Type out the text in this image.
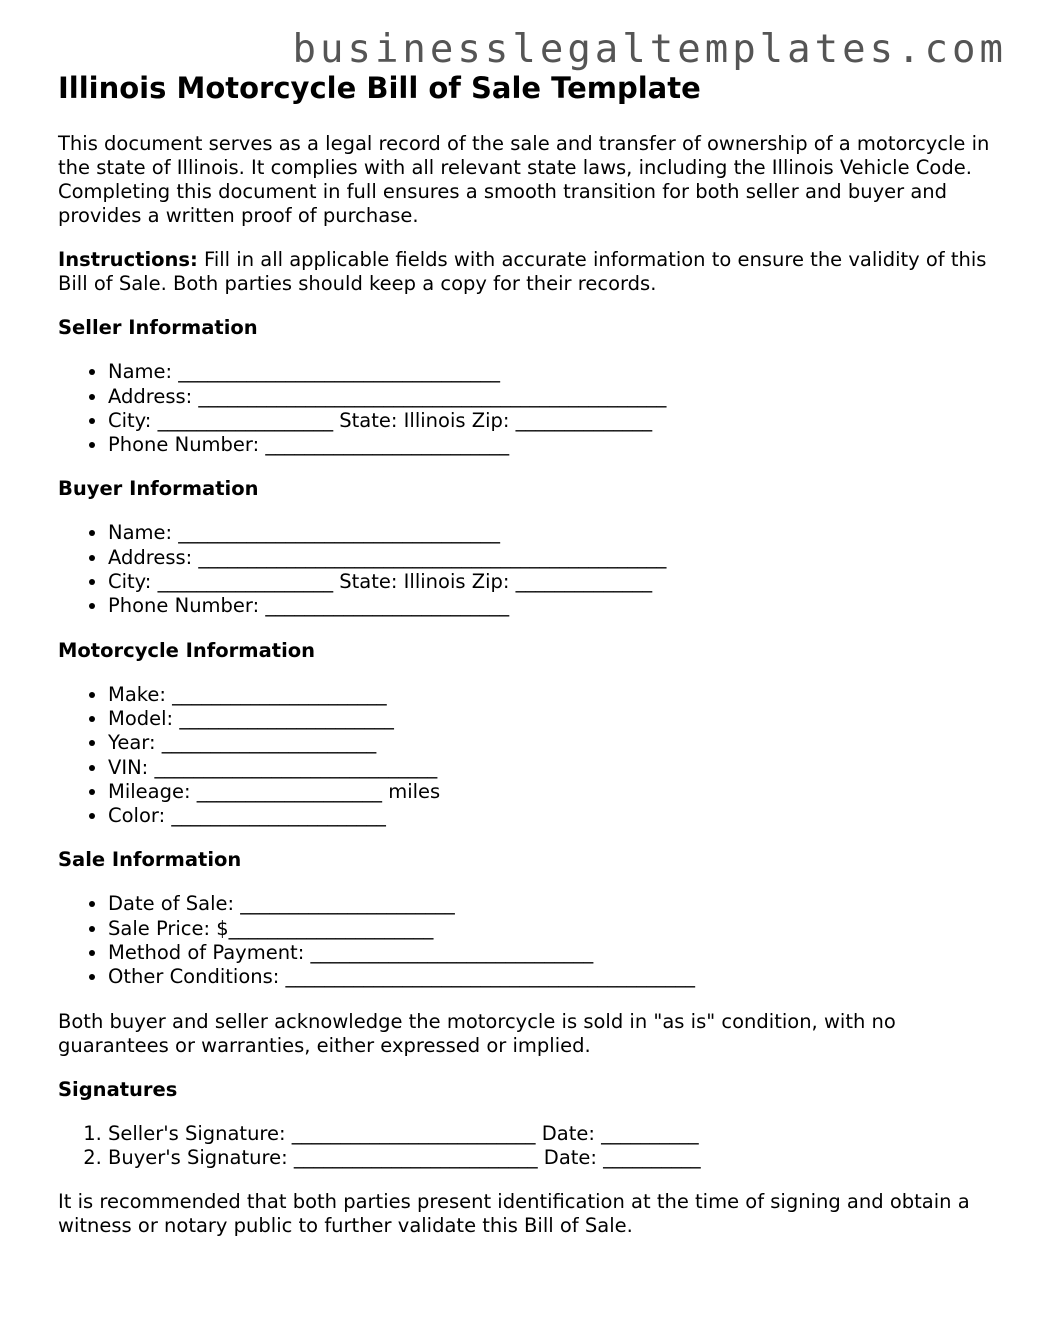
businesslegaltemplates.com
Illinois Motorcycle Bill of Sale Template

This document serves as a legal record of the sale and transfer of ownership of a motorcycle in the state of Illinois. It complies with all relevant state laws, including the Illinois Vehicle Code. Completing this document in full ensures a smooth transition for both seller and buyer and provides a written proof of purchase.

Instructions: Fill in all applicable fields with accurate information to ensure the validity of this Bill of Sale. Both parties should keep a copy for their records.

Seller Information
• Name: _________________________________
• Address: ________________________________________________
• City: __________________ State: Illinois Zip: ______________
• Phone Number: _________________________
Buyer Information
• Name: _________________________________
• Address: ________________________________________________
• City: __________________ State: Illinois Zip: ______________
• Phone Number: _________________________
Motorcycle Information
• Make: ______________________
• Model: ______________________
• Year: ______________________
• VIN: _____________________________
• Mileage: ___________________ miles
• Color: ______________________
Sale Information
• Date of Sale: ______________________
• Sale Price: $_____________________
• Method of Payment: _____________________________
• Other Conditions: __________________________________________

Both buyer and seller acknowledge the motorcycle is sold in "as is" condition, with no guarantees or warranties, either expressed or implied.

Signatures
1. Seller's Signature: _________________________ Date: __________
2. Buyer's Signature: _________________________ Date: __________

It is recommended that both parties present identification at the time of signing and obtain a witness or notary public to further validate this Bill of Sale.
